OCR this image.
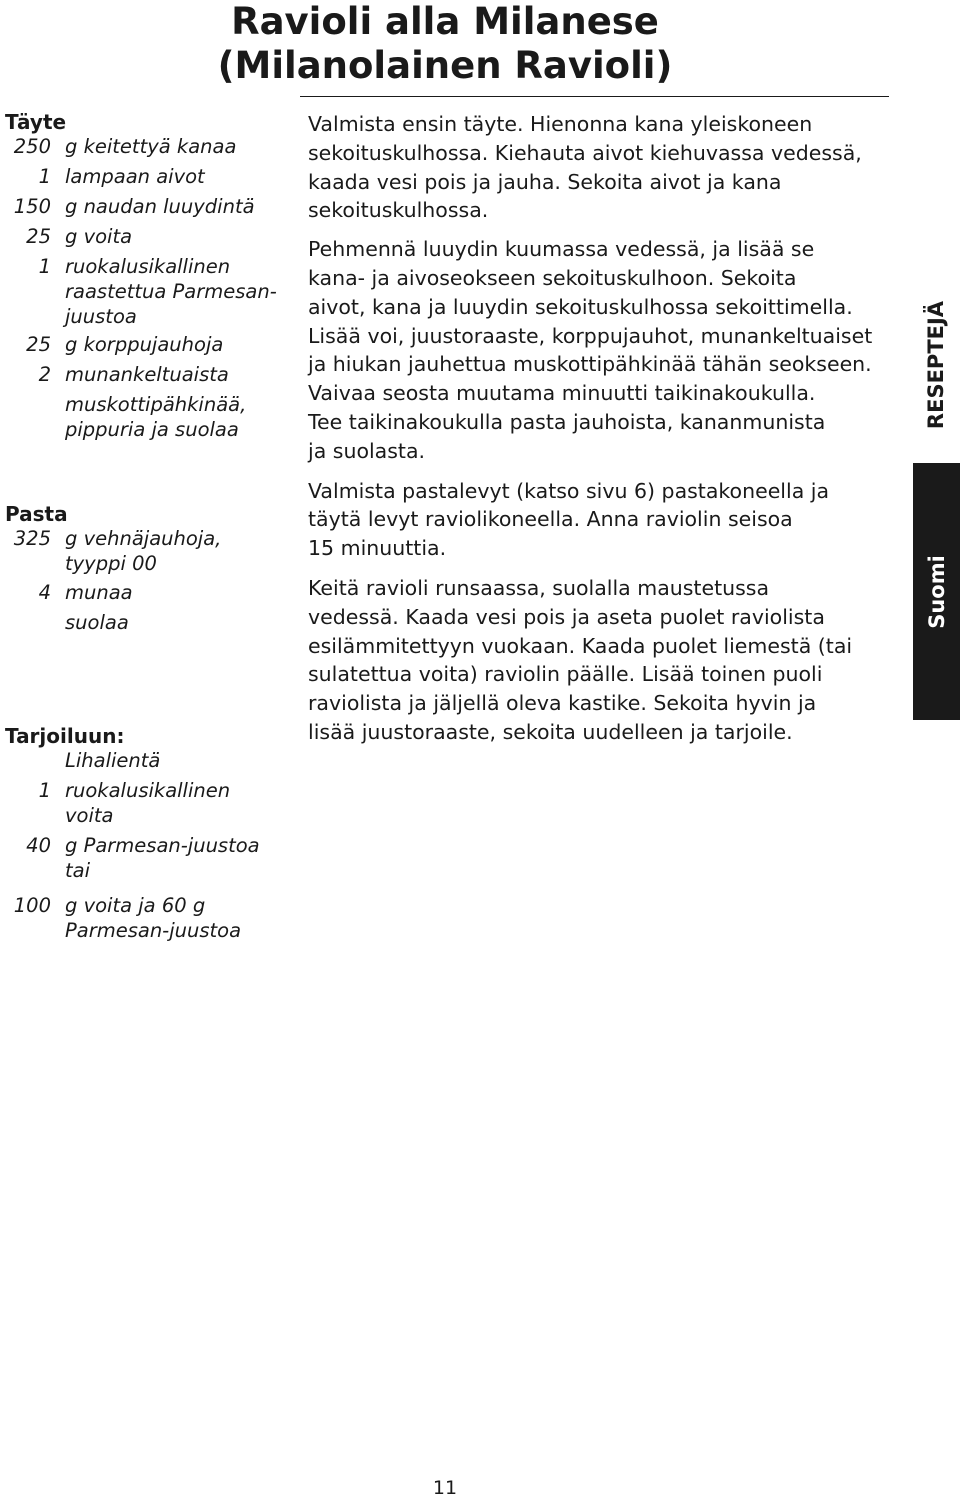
Ravioli alla Milanese
(Milanolainen Ravioli)
Täyte
250 g keitettyä kanaa
1 lampaan aivot
150 g naudan luuydintä
25 g voita
1 ruokalusikallinen
raastettua Parmesan-
juustoa
25 g korppujauhoja
2 munankeltuaista
muskottipähkinää,
pippuria ja suolaa
Pasta
325 g vehnäjauhoja,
tyyppi 00
4 munaa
suolaa
Tarjoiluun:
Lihalientä
1 ruokalusikallinen
voita
40 g Parmesan-juustoa
tai
100 g voita ja 60 g
Parmesan-juustoa

Valmista ensin täyte. Hienonna kana yleiskoneen
sekoituskulhossa. Kiehauta aivot kiehuvassa vedessä,
kaada vesi pois ja jauha. Sekoita aivot ja kana
sekoituskulhossa.

Pehmennä luuydin kuumassa vedessä, ja lisää se
kana- ja aivoseokseen sekoituskulhoon. Sekoita
aivot, kana ja luuydin sekoituskulhossa sekoittimella.
Lisää voi, juustoraaste, korppujauhot, munankeltuaiset
ja hiukan jauhettua muskottipähkinää tähän seokseen.
Vaivaa seosta muutama minuutti taikinakoukulla.
Tee taikinakoukulla pasta jauhoista, kananmunista
ja suolasta.

Valmista pastalevyt (katso sivu 6) pastakoneella ja
täytä levyt raviolikoneella. Anna raviolin seisoa
15 minuuttia.

Keitä ravioli runsaassa, suolalla maustetussa
vedessä. Kaada vesi pois ja aseta puolet raviolista
esilämmitettyyn vuokaan. Kaada puolet liemestä (tai
sulatettua voita) raviolin päälle. Lisää toinen puoli
raviolista ja jäljellä oleva kastike. Sekoita hyvin ja
lisää juustoraaste, sekoita uudelleen ja tarjoile.

RESEPTEJÄ
Suomi
11
